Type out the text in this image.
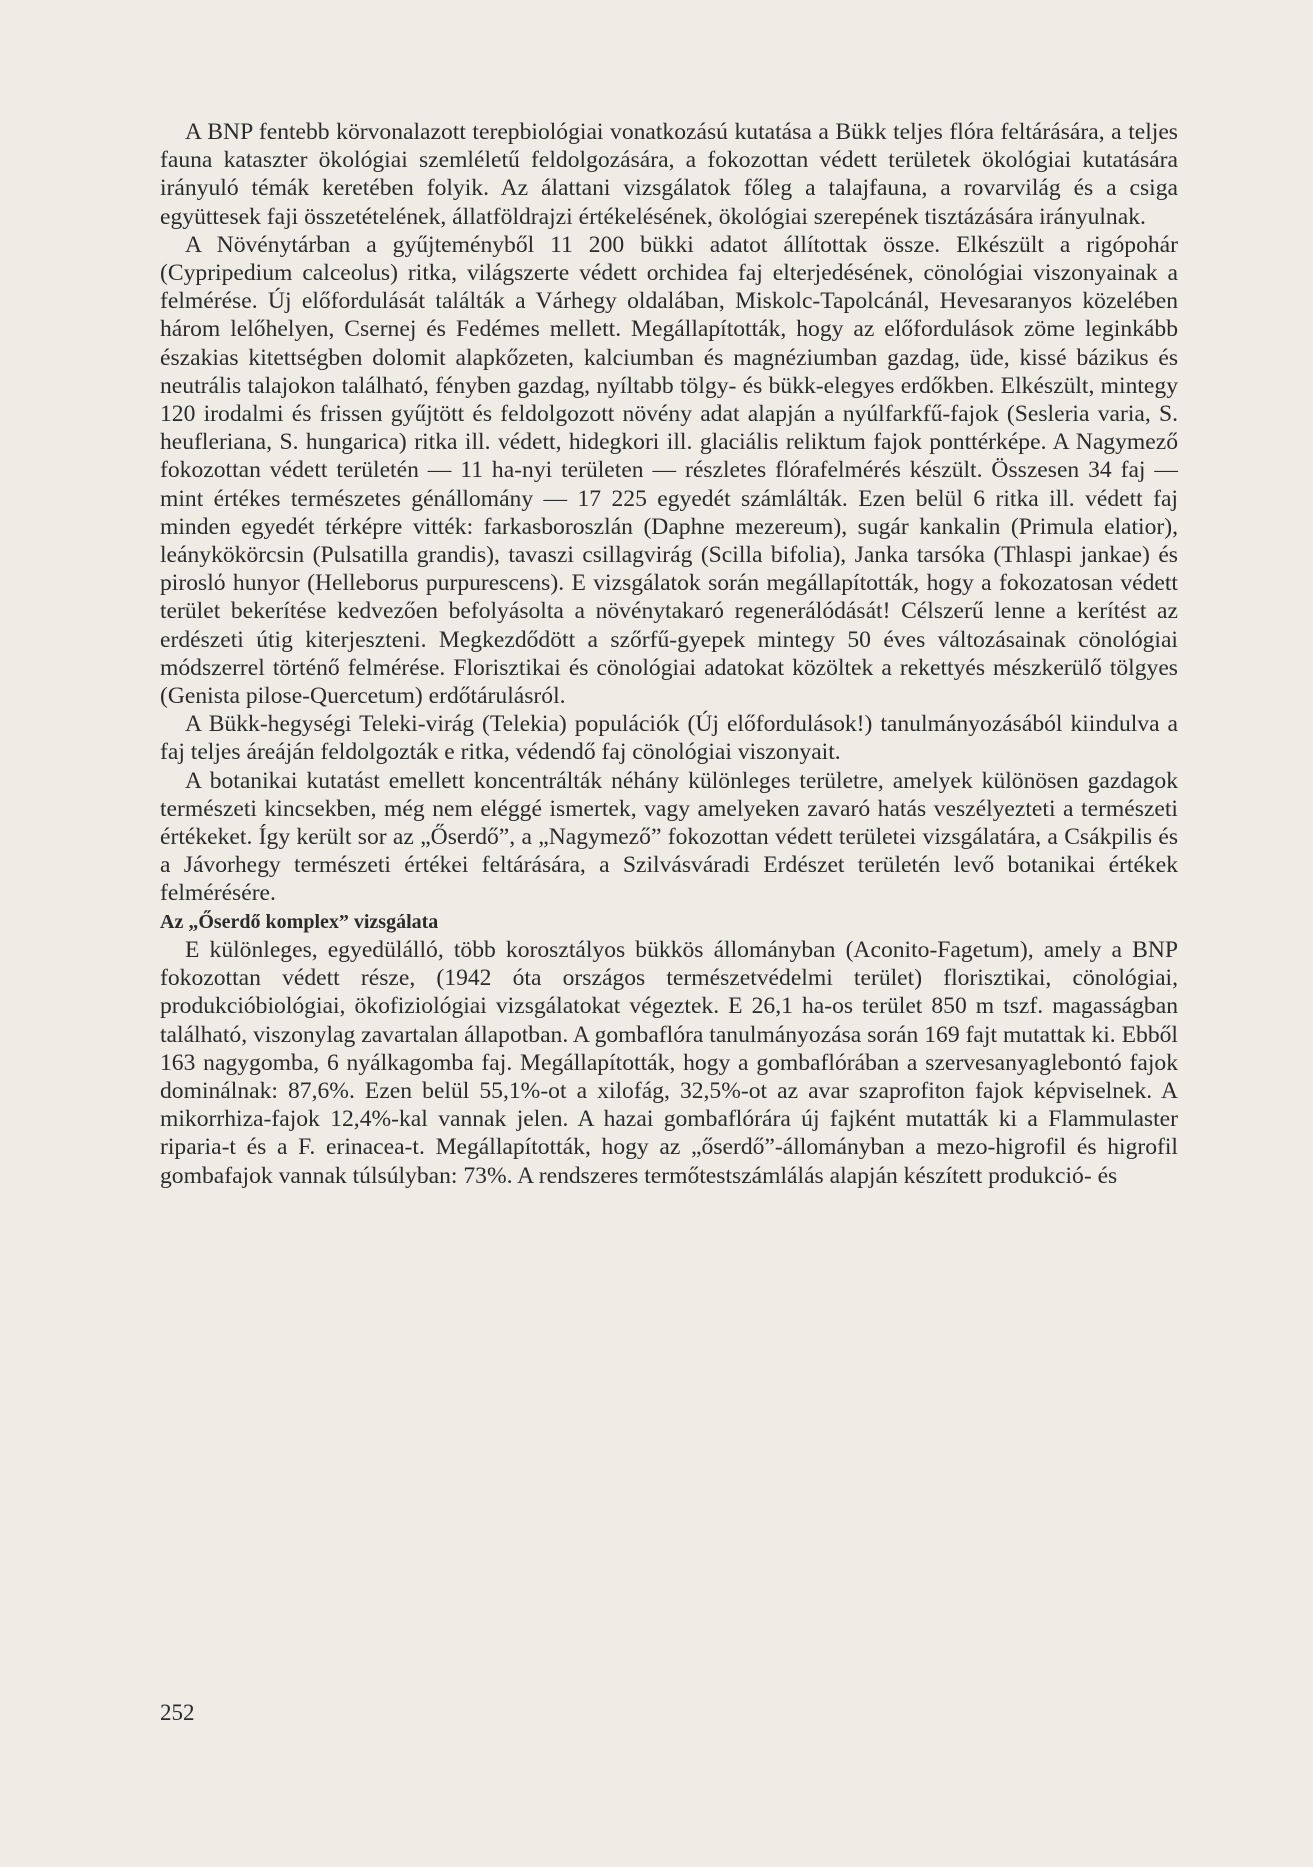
A BNP fentebb körvonalazott terepbiológiai vonatkozású kutatása a Bükk teljes flóra feltárására, a teljes fauna kataszter ökológiai szemléletű feldolgozására, a fokozottan védett területek ökológiai kutatására irányuló témák keretében folyik. Az álattani vizsgálatok főleg a talajfauna, a rovarvilág és a csiga együttesek faji összetételének, állatföldrajzi értékelésének, ökológiai szerepének tisztázására irányulnak.

A Növénytárban a gyűjteményből 11 200 bükki adatot állítottak össze. Elkészült a rigópohár (Cypripedium calceolus) ritka, világszerte védett orchidea faj elterjedésének, cönológiai viszonyainak a felmérése. Új előfordulását találták a Várhegy oldalában, Miskolc-Tapolcánál, Hevesaranyos közelében három lelőhelyen, Csernej és Fedémes mellett. Megállapították, hogy az előfordulások zöme leginkább északias kitettségben dolomit alapkőzeten, kalciumban és magnéziumban gazdag, üde, kissé bázikus és neutrális talajokon található, fényben gazdag, nyíltabb tölgy- és bükk-elegyes erdőkben. Elkészült, mintegy 120 irodalmi és frissen gyűjtött és feldolgozott növény adat alapján a nyúlfarkfű-fajok (Sesleria varia, S. heufleriana, S. hungarica) ritka ill. védett, hidegkori ill. glaciális reliktum fajok ponttérképe. A Nagymező fokozottan védett területén — 11 ha-nyi területen — részletes flórafelmérés készült. Összesen 34 faj — mint értékes természetes génállomány — 17 225 egyedét számlálták. Ezen belül 6 ritka ill. védett faj minden egyedét térképre vitték: farkasboroszlán (Daphne mezereum), sugár kankalin (Primula elatior), leánykökörcsin (Pulsatilla grandis), tavaszi csillagvirág (Scilla bifolia), Janka tarsóka (Thlaspi jankae) és piroslό hunyor (Helleborus purpurescens). E vizsgálatok során megállapították, hogy a fokozatosan védett terület bekerítése kedvezően befolyásolta a növénytakaró regenerálódását! Célszerű lenne a kerítést az erdészeti útig kiterjeszteni. Megkezdődött a szőrfű-gyepek mintegy 50 éves változásainak cönológiai módszerrel történő felmérése. Florisztikai és cönológiai adatokat közöltek a rekettyés mészkerülő tölgyes (Genista pilose-Quercetum) erdőtárulásról.

A Bükk-hegységi Teleki-virág (Telekia) populációk (Új előfordulások!) tanulmányozásából kiindulva a faj teljes áreáján feldolgozták e ritka, védendő faj cönológiai viszonyait.

A botanikai kutatást emellett koncentrálták néhány különleges területre, amelyek különösen gazdagok természeti kincsekben, még nem eléggé ismertek, vagy amelyeken zavaró hatás veszélyezteti a természeti értékeket. Így került sor az „Őserdő”, a „Nagymező” fokozottan védett területei vizsgálatára, a Csákpilis és a Jávorhegy természeti értékei feltárására, a Szilvásváradi Erdészet területén levő botanikai értékek felmérésére.

Az „Őserdő komplex” vizsgálata

E különleges, egyedülálló, több korosztályos bükkös állományban (Aconito-Fagetum), amely a BNP fokozottan védett része, (1942 óta országos természetvédelmi terület) florisztikai, cönológiai, produkcióbiológiai, ökofiziológiai vizsgálatokat végeztek. E 26,1 ha-os terület 850 m tszf. magasságban található, viszonylag zavartalan állapotban. A gombaflóra tanulmányozása során 169 fajt mutattak ki. Ebből 163 nagygomba, 6 nyálkagomba faj. Megállapították, hogy a gombaflórában a szervesanyaglebontó fajok dominálnak: 87,6%. Ezen belül 55,1%-ot a xilofág, 32,5%-ot az avar szaprofiton fajok képviselnek. A mikorrhiza-fajok 12,4%-kal vannak jelen. A hazai gombaflórára új fajként mutatták ki a Flammulaster riparia-t és a F. erinacea-t. Megállapították, hogy az „őserdő”-állományban a mezo-higrofil és higrofil gombafajok vannak túlsúlyban: 73%. A rendszeres termőtestszámlálás alapján készített produkció- és

252
